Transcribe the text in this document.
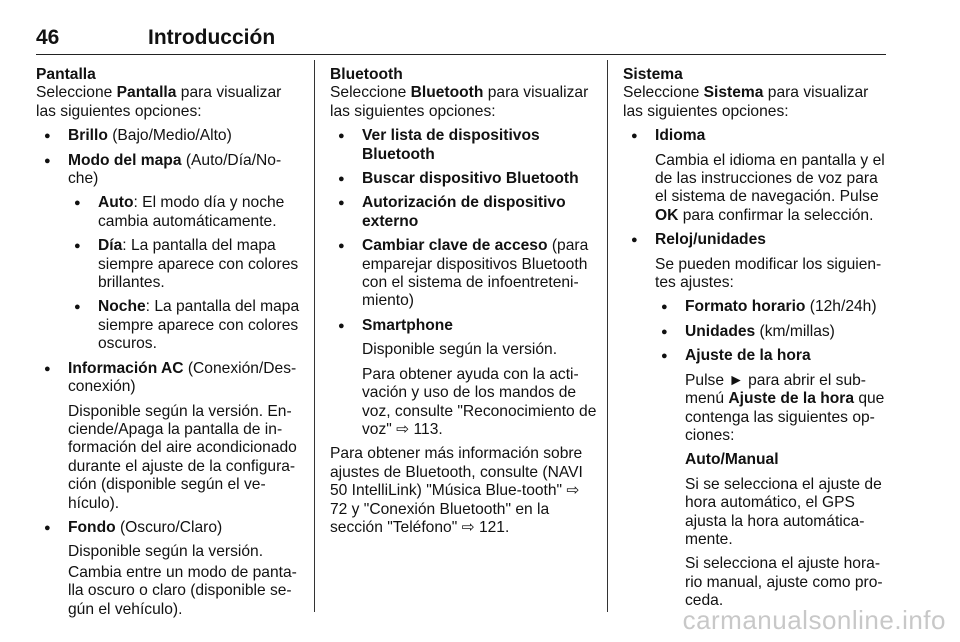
46	Introducción

Pantalla

Seleccione Pantalla para visualizar las siguientes opciones:

● Brillo (Bajo/Medio/Alto)
● Modo del mapa (Auto/Día/No-che)
● Auto: El modo día y noche cambia automáticamente.
● Día: La pantalla del mapa siempre aparece con colores brillantes.
● Noche: La pantalla del mapa siempre aparece con colores oscuros.
● Información AC (Conexión/Des-conexión)

Disponible según la versión. En-ciende/Apaga la pantalla de in-formación del aire acondicionado durante el ajuste de la configura-ción (disponible según el ve-hículo).

● Fondo (Oscuro/Claro)

Disponible según la versión.

Cambia entre un modo de panta-lla oscuro o claro (disponible se-gún el vehículo).

Bluetooth

Seleccione Bluetooth para visualizar las siguientes opciones:

● Ver lista de dispositivos Bluetooth
● Buscar dispositivo Bluetooth
● Autorización de dispositivo externo
● Cambiar clave de acceso (para emparejar dispositivos Bluetooth con el sistema de infoentreteni-miento)
● Smartphone

Disponible según la versión.

Para obtener ayuda con la acti-vación y uso de los mandos de voz, consulte "Reconocimiento de voz" ⇨ 113.

Para obtener más información sobre ajustes de Bluetooth, consulte (NAVI 50 IntelliLink) "Música Blue-tooth" ⇨ 72 y "Conexión Bluetooth" en la sección "Teléfono" ⇨ 121.

Sistema

Seleccione Sistema para visualizar las siguientes opciones:

● Idioma

Cambia el idioma en pantalla y el de las instrucciones de voz para el sistema de navegación. Pulse OK para confirmar la selección.

● Reloj/unidades

Se pueden modificar los siguien-tes ajustes:

● Formato horario (12h/24h)
● Unidades (km/millas)
● Ajuste de la hora

Pulse ► para abrir el sub-menú Ajuste de la hora que contenga las siguientes op-ciones:

Auto/Manual

Si se selecciona el ajuste de hora automático, el GPS ajusta la hora automática-mente.

Si selecciona el ajuste hora-rio manual, ajuste como pro-ceda.

carmanualsonline.info
